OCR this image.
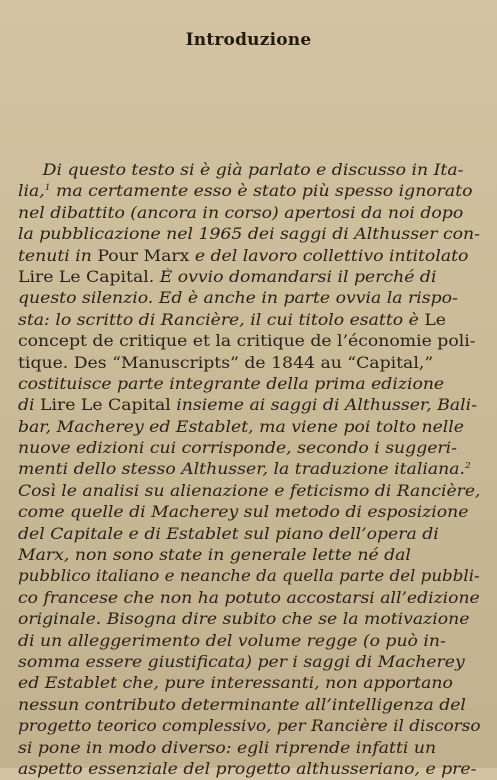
Introduzione
Di questo testo si è già parlato e discusso in Ita-
lia,$^1$ ma certamente esso è stato più spesso ignorato
nel dibattito (ancora in corso) apertosi da noi dopo
la pubblicazione nel 1965 dei saggi di Althusser con-
tenuti in Pour Marx e del lavoro collettivo intitolato
Lire Le Capital. È ovvio domandarsi il perché di
questo silenzio. Ed è anche in parte ovvia la rispo-
sta: lo scritto di Rancière, il cui titolo esatto è Le
concept de critique et la critique de l’économie poli-
tique. Des “Manuscripts” de 1844 au “Capital,”
costituisce parte integrante della prima edizione
di Lire Le Capital insieme ai saggi di Althusser, Bali-
bar, Macherey ed Establet, ma viene poi tolto nelle
nuove edizioni cui corrisponde, secondo i suggeri-
menti dello stesso Althusser, la traduzione italiana.$^2$
Così le analisi su alienazione e feticismo di Rancière,
come quelle di Macherey sul metodo di esposizione
del Capitale e di Establet sul piano dell’opera di
Marx, non sono state in generale lette né dal
pubblico italiano e neanche da quella parte del pubbli-
co francese che non ha potuto accostarsi all’edizione
originale. Bisogna dire subito che se la motivazione
di un alleggerimento del volume regge (o può in-
somma essere giustificata) per i saggi di Macherey
ed Establet che, pure interessanti, non apportano
nessun contributo determinante all’intelligenza del
progetto teorico complessivo, per Rancière il discorso
si pone in modo diverso: egli riprende infatti un
aspetto essenziale del progetto althusseriano, e pre-
